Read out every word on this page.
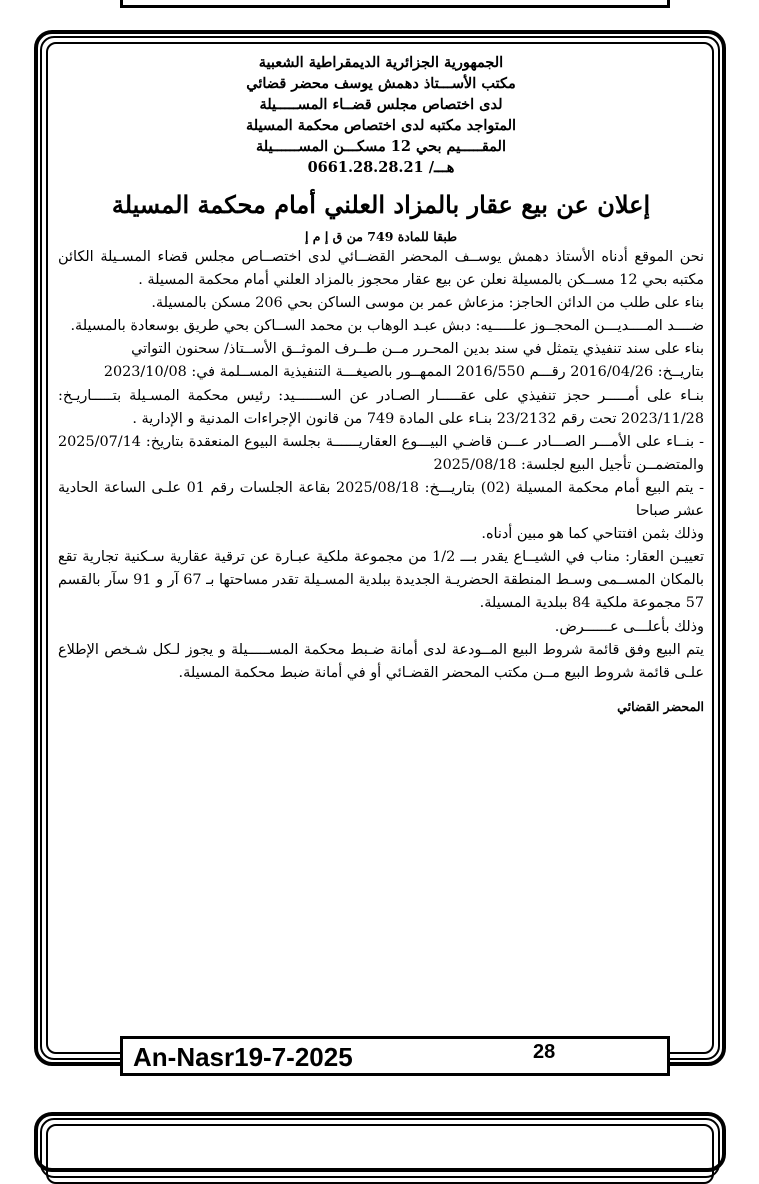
الجمهورية الجزائرية الديمقراطية الشعبية
مكتب الأســـتاذ دهمش يوسف محضر قضائي
لدى اختصاص مجلس قضــاء المســـــيلة
المتواجد مكتبه لدى اختصاص محكمة المسيلة
المقـــــيم بحي 12 مسكـــن المســــــيلة
هـــ/ 0661.28.28.21
إعلان عن بيع عقار بالمزاد العلني أمام محكمة المسيلة
طبقا للمادة 749 من ق إ م إ

نحن الموقع أدناه الأستاذ دهمش يوســف المحضر القضــائي لدى اختصــاص مجلس قضاء المسـيلة الكائن مكتبه بحي 12 مســكن بالمسيلة نعلن عن بيع عقار محجوز بالمزاد العلني أمام محكمة المسيلة .

بناء على طلب من الدائن الحاجز: مزعاش عمر بن موسى الساكن بحي 206 مسكن بالمسيلة.

ضــــد المــــديـــن المحجــوز علـــــيه: دبش عبـد الوهاب بن محمد الســاكن بحي طريق بوسعادة بالمسيلة.

بناء على سند تنفيذي يتمثل في سند بدين المحـرر مــن طــرف الموثــق الأســتاذ/ سحنون التواتي

بتاريــخ: 2016/04/26 رقـــم 2016/550 الممهــور بالصيغـــة التنفيذية المســلمة في: 2023/10/08

بنـاء على أمـــــر حجز تنفيذي على عقـــــار الصـادر عن الســــــيد: رئيس محكمة المسـيلة بتـــــاريـخ: 2023/11/28 تحت رقم 23/2132 بنـاء على المادة 749 من قانون الإجراءات المدنية و الإدارية .

- بنــاء على الأمـــر الصـــادر عـــن قاضـي البيـــوع العقاريــــــة بجلسة البيوع المنعقدة بتاريخ: 2025/07/14 والمتضمــن تأجيل البيع لجلسة: 2025/08/18

- يتم البيع أمام محكمة المسيلة (02) بتاريـــخ: 2025/08/18 بقاعة الجلسات رقم 01 علـى الساعة الحادية عشر صباحا

وذلك بثمن افتتاحي كما هو مبين أدناه.

تعييـن العقار: مناب في الشيــاع يقدر بـــ 1/2 من مجموعة ملكية عبـارة عن ترقية عقارية سـكنية تجارية تقع بالمكان المســمى وسـط المنطقة الحضريـة الجديدة ببلدية المسـيلة تقدر مساحتها بـ 67 آر و 91 سآر بالقسم 57 مجموعة ملكية 84 ببلدية المسيلة.

وذلك بأعلـــى عــــــرض.

يتم البيع وفق قائمة شروط البيع المــودعة لدى أمانة ضـبط محكمة المســـــيلة و يجوز لـكل شـخص الإطلاع علـى قائمة شروط البيع مــن مكتب المحضر القضـائي أو في أمانة ضبط محكمة المسيلة.

المحضر القضائي
An-Nasr19-7-2025	28
